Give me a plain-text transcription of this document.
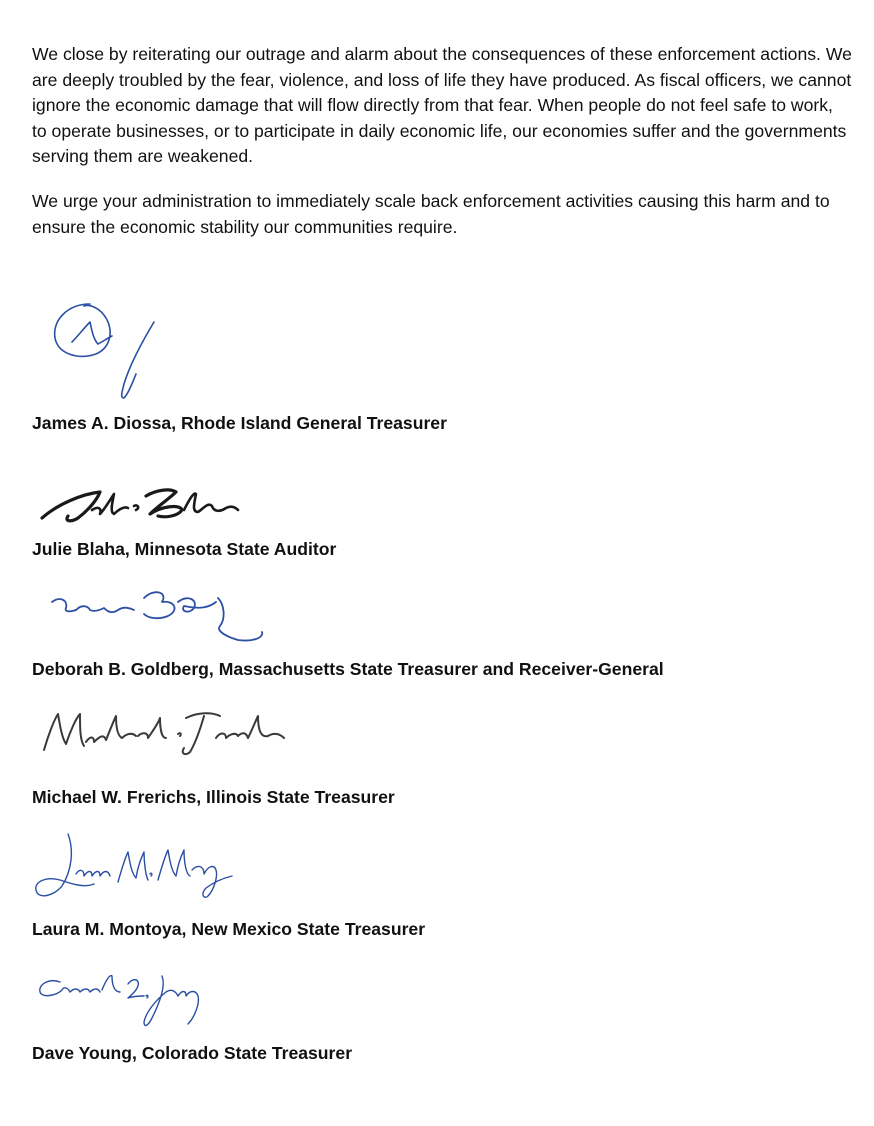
We close by reiterating our outrage and alarm about the consequences of these enforcement actions. We are deeply troubled by the fear, violence, and loss of life they have produced. As fiscal officers, we cannot ignore the economic damage that will flow directly from that fear. When people do not feel safe to work, to operate businesses, or to participate in daily economic life, our economies suffer and the governments serving them are weakened.

We urge your administration to immediately scale back enforcement activities causing this harm and to ensure the economic stability our communities require.

James A. Diossa, Rhode Island General Treasurer

Julie Blaha, Minnesota State Auditor

Deborah B. Goldberg, Massachusetts State Treasurer and Receiver-General

Michael W. Frerichs, Illinois State Treasurer

Laura M. Montoya, New Mexico State Treasurer

Dave Young, Colorado State Treasurer
